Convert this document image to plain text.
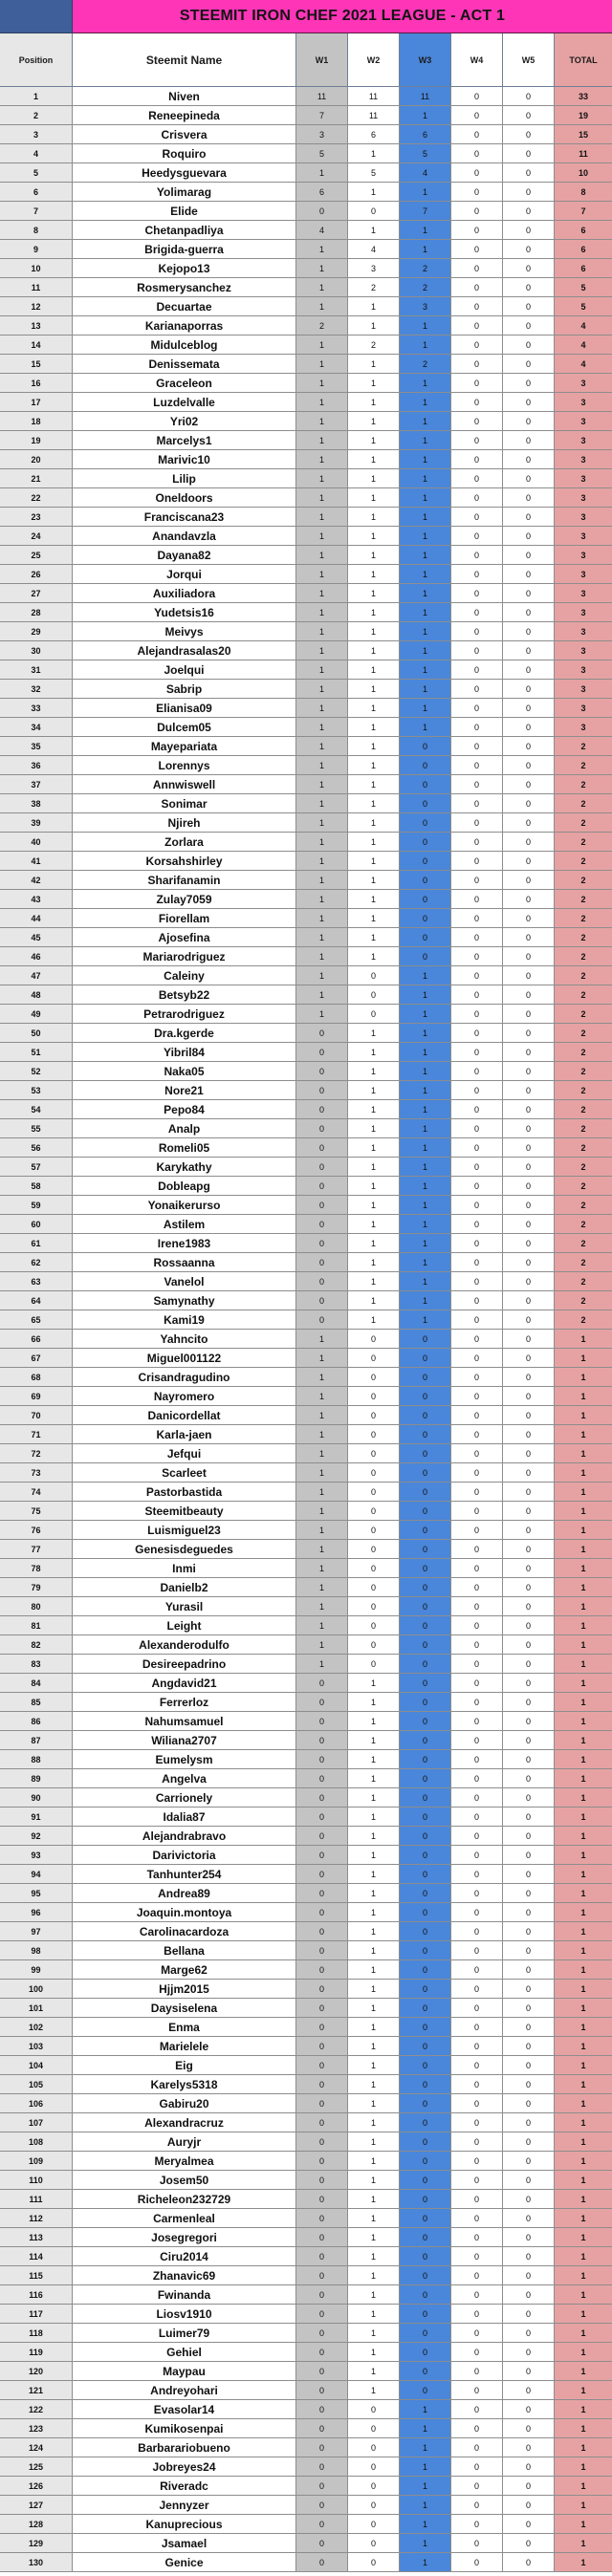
STEEMIT IRON CHEF 2021 LEAGUE - ACT 1
Position	Steemit Name	W1	W2	W3	W4	W5	TOTAL
1	Niven	11	11	11	0	0	33
2	Reneepineda	7	11	1	0	0	19
3	Crisvera	3	6	6	0	0	15
4	Roquiro	5	1	5	0	0	11
5	Heedysguevara	1	5	4	0	0	10
6	Yolimarag	6	1	1	0	0	8
7	Elide	0	0	7	0	0	7
8	Chetanpadliya	4	1	1	0	0	6
9	Brigida-guerra	1	4	1	0	0	6
10	Kejopo13	1	3	2	0	0	6
11	Rosmerysanchez	1	2	2	0	0	5
12	Decuartae	1	1	3	0	0	5
13	Karianaporras	2	1	1	0	0	4
14	Midulceblog	1	2	1	0	0	4
15	Denissemata	1	1	2	0	0	4
16	Graceleon	1	1	1	0	0	3
17	Luzdelvalle	1	1	1	0	0	3
18	Yri02	1	1	1	0	0	3
19	Marcelys1	1	1	1	0	0	3
20	Marivic10	1	1	1	0	0	3
21	Lilip	1	1	1	0	0	3
22	Oneldoors	1	1	1	0	0	3
23	Franciscana23	1	1	1	0	0	3
24	Anandavzla	1	1	1	0	0	3
25	Dayana82	1	1	1	0	0	3
26	Jorqui	1	1	1	0	0	3
27	Auxiliadora	1	1	1	0	0	3
28	Yudetsis16	1	1	1	0	0	3
29	Meivys	1	1	1	0	0	3
30	Alejandrasalas20	1	1	1	0	0	3
31	Joelqui	1	1	1	0	0	3
32	Sabrip	1	1	1	0	0	3
33	Elianisa09	1	1	1	0	0	3
34	Dulcem05	1	1	1	0	0	3
35	Mayepariata	1	1	0	0	0	2
36	Lorennys	1	1	0	0	0	2
37	Annwiswell	1	1	0	0	0	2
38	Sonimar	1	1	0	0	0	2
39	Njireh	1	1	0	0	0	2
40	Zorlara	1	1	0	0	0	2
41	Korsahshirley	1	1	0	0	0	2
42	Sharifanamin	1	1	0	0	0	2
43	Zulay7059	1	1	0	0	0	2
44	Fiorellam	1	1	0	0	0	2
45	Ajosefina	1	1	0	0	0	2
46	Mariarodriguez	1	1	0	0	0	2
47	Caleiny	1	0	1	0	0	2
48	Betsyb22	1	0	1	0	0	2
49	Petrarodriguez	1	0	1	0	0	2
50	Dra.kgerde	0	1	1	0	0	2
51	Yibril84	0	1	1	0	0	2
52	Naka05	0	1	1	0	0	2
53	Nore21	0	1	1	0	0	2
54	Pepo84	0	1	1	0	0	2
55	Analp	0	1	1	0	0	2
56	Romeli05	0	1	1	0	0	2
57	Karykathy	0	1	1	0	0	2
58	Dobleapg	0	1	1	0	0	2
59	Yonaikerurso	0	1	1	0	0	2
60	Astilem	0	1	1	0	0	2
61	Irene1983	0	1	1	0	0	2
62	Rossaanna	0	1	1	0	0	2
63	Vanelol	0	1	1	0	0	2
64	Samynathy	0	1	1	0	0	2
65	Kami19	0	1	1	0	0	2
66	Yahncito	1	0	0	0	0	1
67	Miguel001122	1	0	0	0	0	1
68	Crisandragudino	1	0	0	0	0	1
69	Nayromero	1	0	0	0	0	1
70	Danicordellat	1	0	0	0	0	1
71	Karla-jaen	1	0	0	0	0	1
72	Jefqui	1	0	0	0	0	1
73	Scarleet	1	0	0	0	0	1
74	Pastorbastida	1	0	0	0	0	1
75	Steemitbeauty	1	0	0	0	0	1
76	Luismiguel23	1	0	0	0	0	1
77	Genesisdeguedes	1	0	0	0	0	1
78	Inmi	1	0	0	0	0	1
79	Danielb2	1	0	0	0	0	1
80	Yurasil	1	0	0	0	0	1
81	Leight	1	0	0	0	0	1
82	Alexanderodulfo	1	0	0	0	0	1
83	Desireepadrino	1	0	0	0	0	1
84	Angdavid21	0	1	0	0	0	1
85	Ferrerloz	0	1	0	0	0	1
86	Nahumsamuel	0	1	0	0	0	1
87	Wiliana2707	0	1	0	0	0	1
88	Eumelysm	0	1	0	0	0	1
89	Angelva	0	1	0	0	0	1
90	Carrionely	0	1	0	0	0	1
91	Idalia87	0	1	0	0	0	1
92	Alejandrabravo	0	1	0	0	0	1
93	Darivictoria	0	1	0	0	0	1
94	Tanhunter254	0	1	0	0	0	1
95	Andrea89	0	1	0	0	0	1
96	Joaquin.montoya	0	1	0	0	0	1
97	Carolinacardoza	0	1	0	0	0	1
98	Bellana	0	1	0	0	0	1
99	Marge62	0	1	0	0	0	1
100	Hjjm2015	0	1	0	0	0	1
101	Daysiselena	0	1	0	0	0	1
102	Enma	0	1	0	0	0	1
103	Marielele	0	1	0	0	0	1
104	Eig	0	1	0	0	0	1
105	Karelys5318	0	1	0	0	0	1
106	Gabiru20	0	1	0	0	0	1
107	Alexandracruz	0	1	0	0	0	1
108	Auryjr	0	1	0	0	0	1
109	Meryalmea	0	1	0	0	0	1
110	Josem50	0	1	0	0	0	1
111	Richeleon232729	0	1	0	0	0	1
112	Carmenleal	0	1	0	0	0	1
113	Josegregori	0	1	0	0	0	1
114	Ciru2014	0	1	0	0	0	1
115	Zhanavic69	0	1	0	0	0	1
116	Fwinanda	0	1	0	0	0	1
117	Liosv1910	0	1	0	0	0	1
118	Luimer79	0	1	0	0	0	1
119	Gehiel	0	1	0	0	0	1
120	Maypau	0	1	0	0	0	1
121	Andreyohari	0	1	0	0	0	1
122	Evasolar14	0	0	1	0	0	1
123	Kumikosenpai	0	0	1	0	0	1
124	Barbarariobueno	0	0	1	0	0	1
125	Jobreyes24	0	0	1	0	0	1
126	Riveradc	0	0	1	0	0	1
127	Jennyzer	0	0	1	0	0	1
128	Kanuprecious	0	0	1	0	0	1
129	Jsamael	0	0	1	0	0	1
130	Genice	0	0	1	0	0	1
